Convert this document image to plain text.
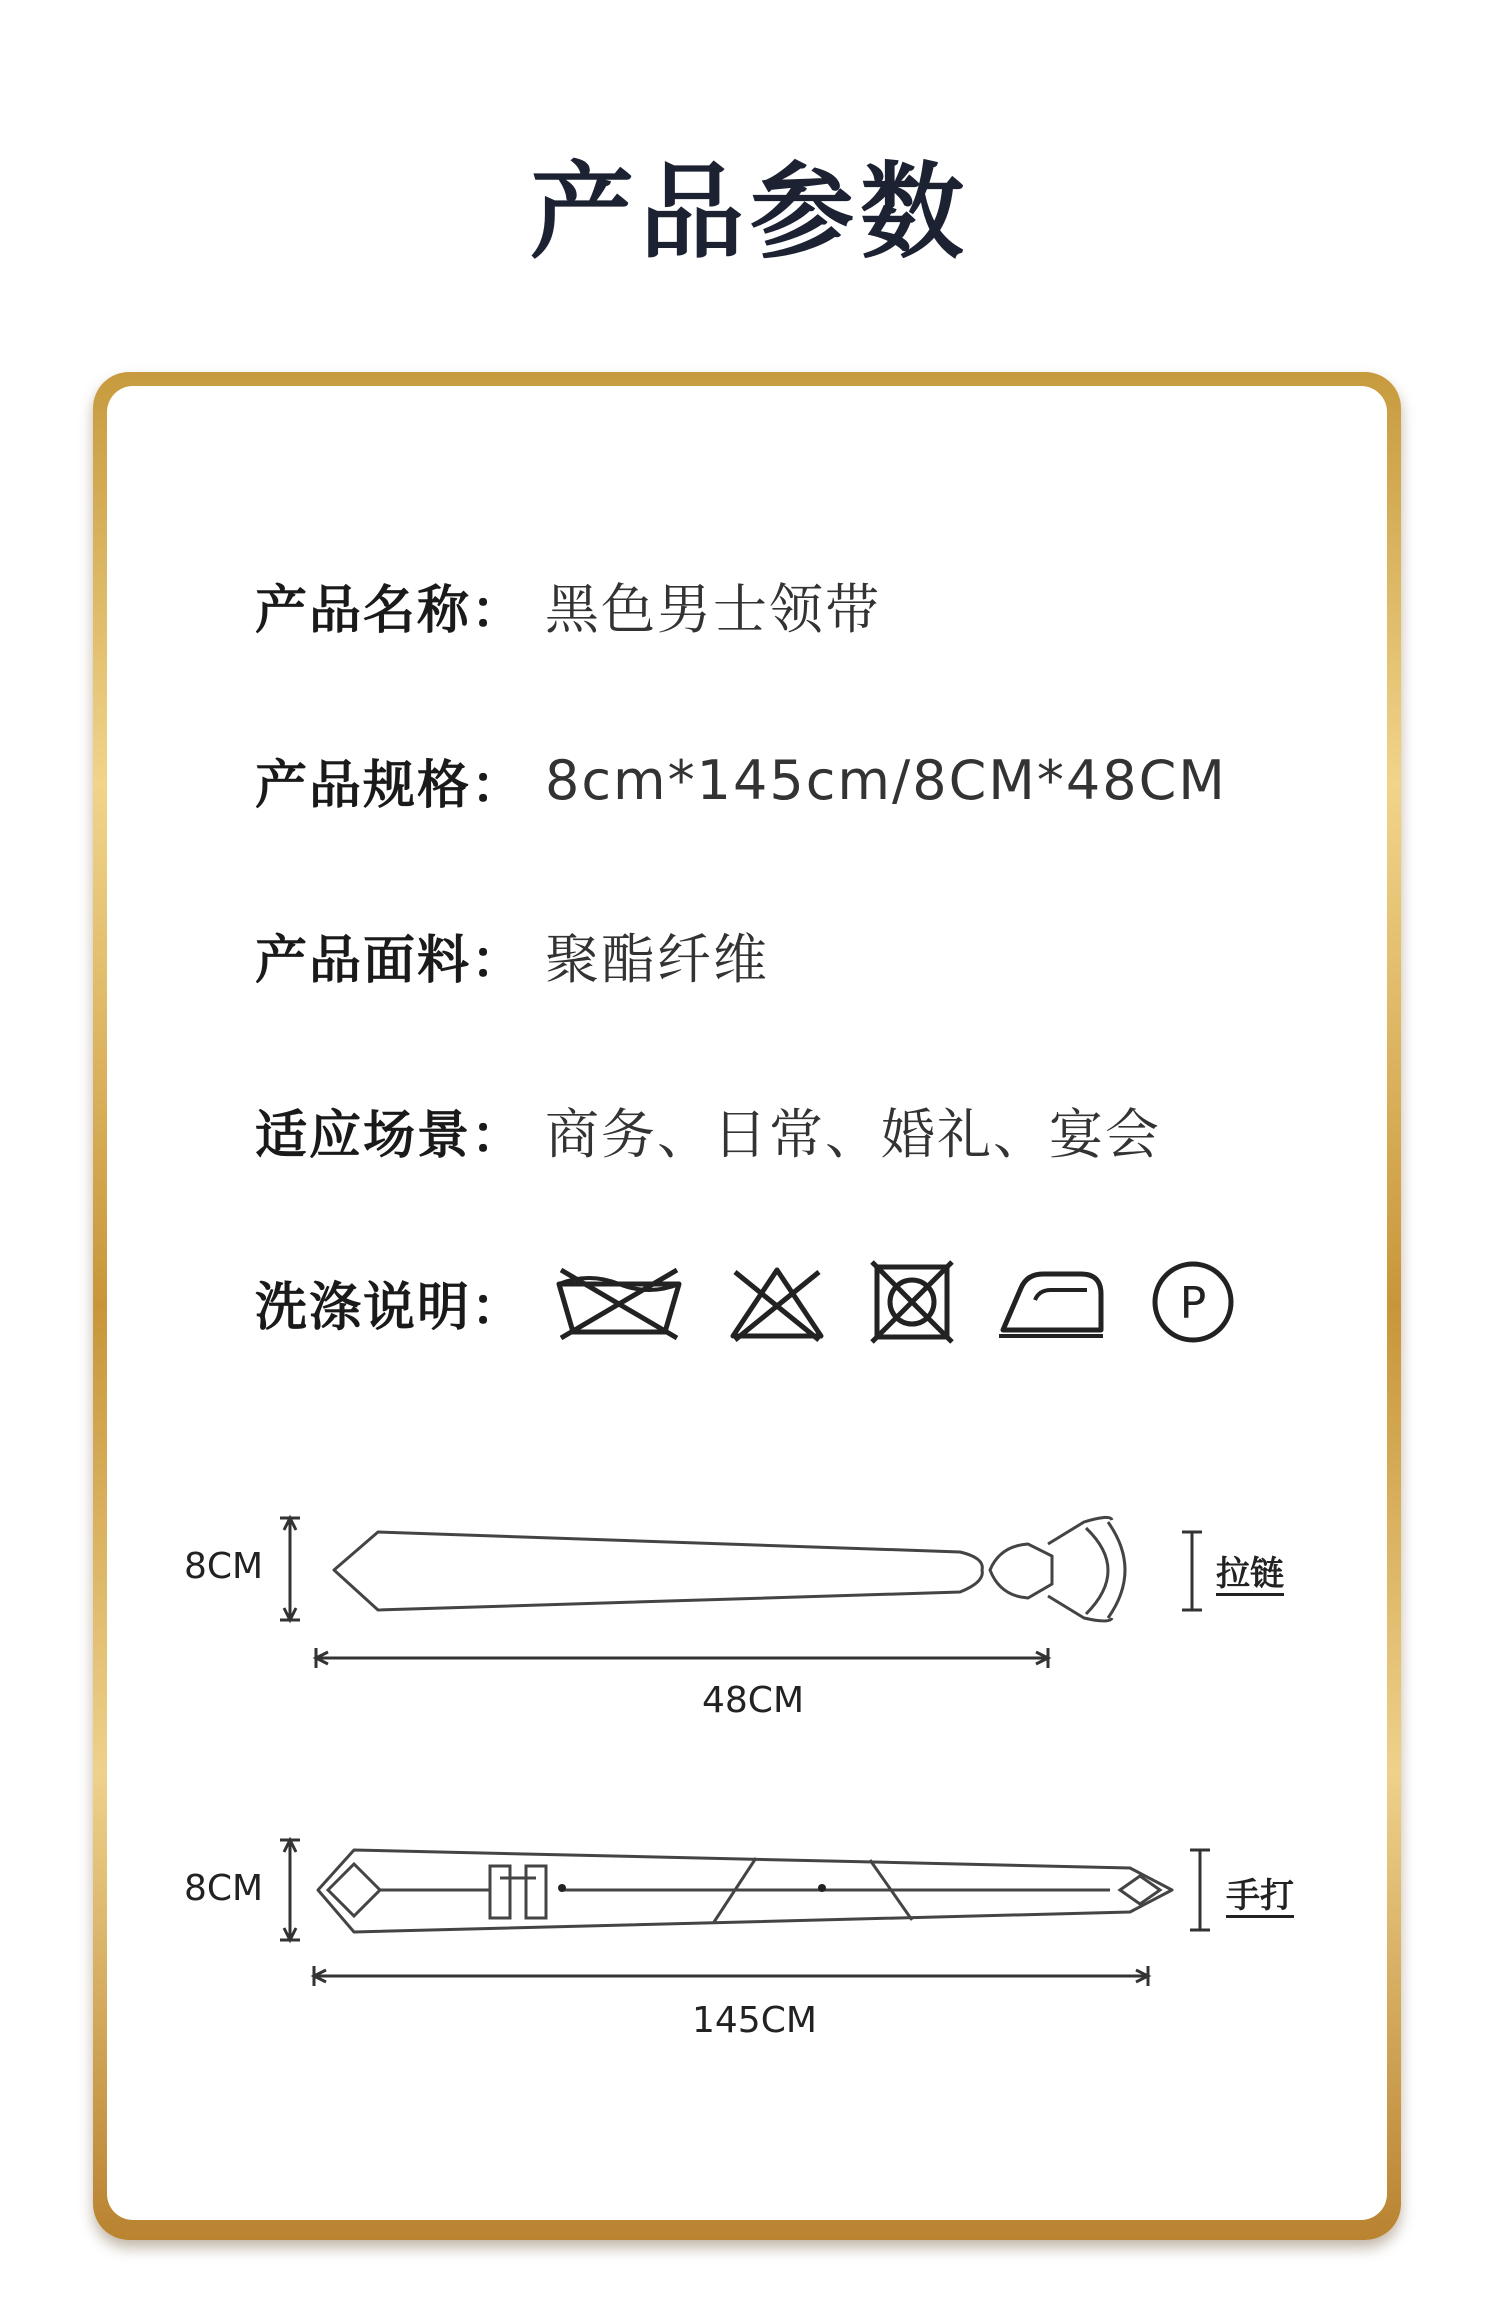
产品参数
产品名称： 黑色男士领带
产品规格： 8cm*145cm/8CM*48CM
产品面料： 聚酯纤维
适应场景： 商务、日常、婚礼、宴会
洗涤说明：	P
8CM
48CM
拉链
8CM
145CM
手打
